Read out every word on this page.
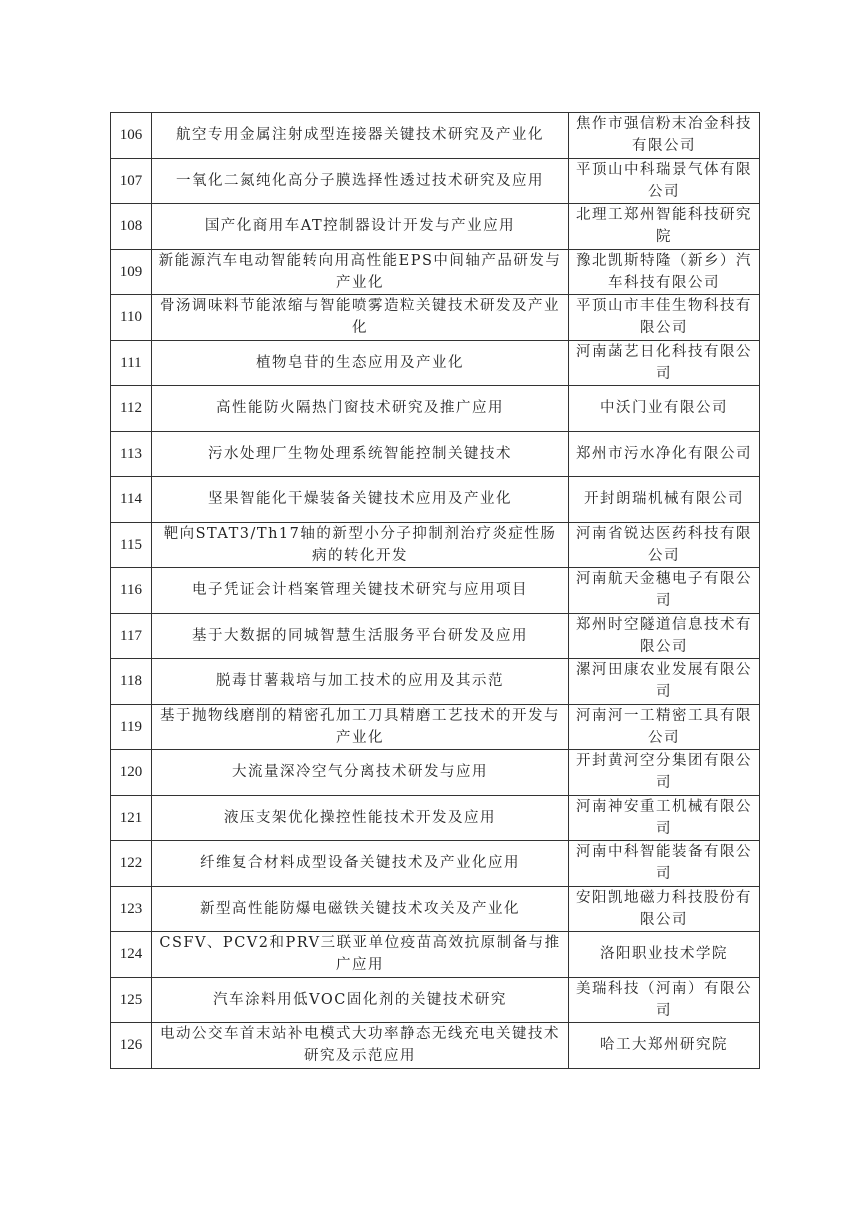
106	航空专用金属注射成型连接器关键技术研究及产业化	焦作市强信粉末冶金科技有限公司
107	一氧化二氮纯化高分子膜选择性透过技术研究及应用	平顶山中科瑞景气体有限公司
108	国产化商用车AT控制器设计开发与产业应用	北理工郑州智能科技研究院
109	新能源汽车电动智能转向用高性能EPS中间轴产品研发与产业化	豫北凯斯特隆（新乡）汽车科技有限公司
110	骨汤调味料节能浓缩与智能喷雾造粒关键技术研发及产业化	平顶山市丰佳生物科技有限公司
111	植物皂苷的生态应用及产业化	河南菡艺日化科技有限公司
112	高性能防火隔热门窗技术研究及推广应用	中沃门业有限公司
113	污水处理厂生物处理系统智能控制关键技术	郑州市污水净化有限公司
114	坚果智能化干燥装备关键技术应用及产业化	开封朗瑞机械有限公司
115	靶向STAT3/Th17轴的新型小分子抑制剂治疗炎症性肠病的转化开发	河南省锐达医药科技有限公司
116	电子凭证会计档案管理关键技术研究与应用项目	河南航天金穗电子有限公司
117	基于大数据的同城智慧生活服务平台研发及应用	郑州时空隧道信息技术有限公司
118	脱毒甘薯栽培与加工技术的应用及其示范	漯河田康农业发展有限公司
119	基于抛物线磨削的精密孔加工刀具精磨工艺技术的开发与产业化	河南河一工精密工具有限公司
120	大流量深冷空气分离技术研发与应用	开封黄河空分集团有限公司
121	液压支架优化操控性能技术开发及应用	河南神安重工机械有限公司
122	纤维复合材料成型设备关键技术及产业化应用	河南中科智能装备有限公司
123	新型高性能防爆电磁铁关键技术攻关及产业化	安阳凯地磁力科技股份有限公司
124	CSFV、PCV2和PRV三联亚单位疫苗高效抗原制备与推广应用	洛阳职业技术学院
125	汽车涂料用低VOC固化剂的关键技术研究	美瑞科技（河南）有限公司
126	电动公交车首末站补电模式大功率静态无线充电关键技术研究及示范应用	哈工大郑州研究院
